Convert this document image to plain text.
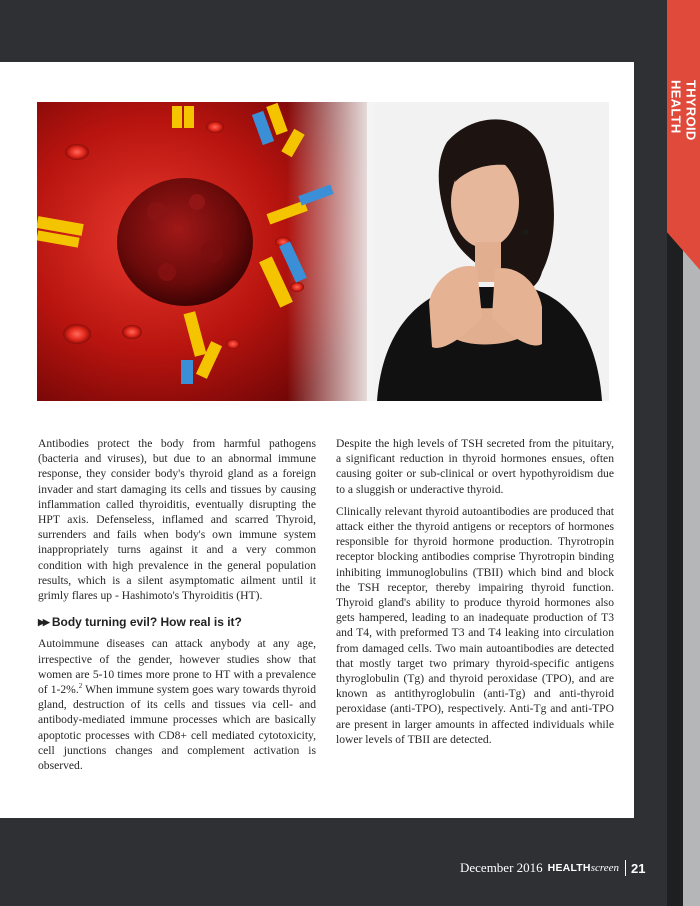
THYROID HEALTH

Antibodies protect the body from harmful pathogens (bacteria and viruses), but due to an abnormal immune response, they consider body's thyroid gland as a foreign invader and start damaging its cells and tissues by causing inflammation called thyroiditis, eventually disrupting the HPT axis. Defenseless, inflamed and scarred Thyroid, surrenders and fails when body's own immune system inappropriately turns against it and a very common condition with high prevalence in the general population results, which is a silent asymptomatic ailment until it grimly flares up - Hashimoto's Thyroiditis (HT).

▶▶ Body turning evil? How real is it?

Autoimmune diseases can attack anybody at any age, irrespective of the gender, however studies show that women are 5-10 times more prone to HT with a prevalence of 1-2%.$^2$ When immune system goes wary towards thyroid gland, destruction of its cells and tissues via cell- and antibody-mediated immune processes which are basically apoptotic processes with CD8+ cell mediated cytotoxicity, cell junctions changes and complement activation is observed.

Despite the high levels of TSH secreted from the pituitary, a significant reduction in thyroid hormones ensues, often causing goiter or sub-clinical or overt hypothyroidism due to a sluggish or underactive thyroid.

Clinically relevant thyroid autoantibodies are produced that attack either the thyroid antigens or receptors of hormones responsible for thyroid hormone production. Thyrotropin receptor blocking antibodies comprise Thyrotropin binding inhibiting immunoglobulins (TBII) which bind and block the TSH receptor, thereby impairing thyroid function. Thyroid gland's ability to produce thyroid hormones also gets hampered, leading to an inadequate production of T3 and T4, with preformed T3 and T4 leaking into circulation from damaged cells. Two main autoantibodies are detected that mostly target two primary thyroid-specific antigens thyroglobulin (Tg) and thyroid peroxidase (TPO), and are known as antithyroglobulin (anti-Tg) and anti-thyroid peroxidase (anti-TPO), respectively. Anti-Tg and anti-TPO are present in larger amounts in affected individuals while lower levels of TBII are detected.

December 2016 HEALTH screen 21
